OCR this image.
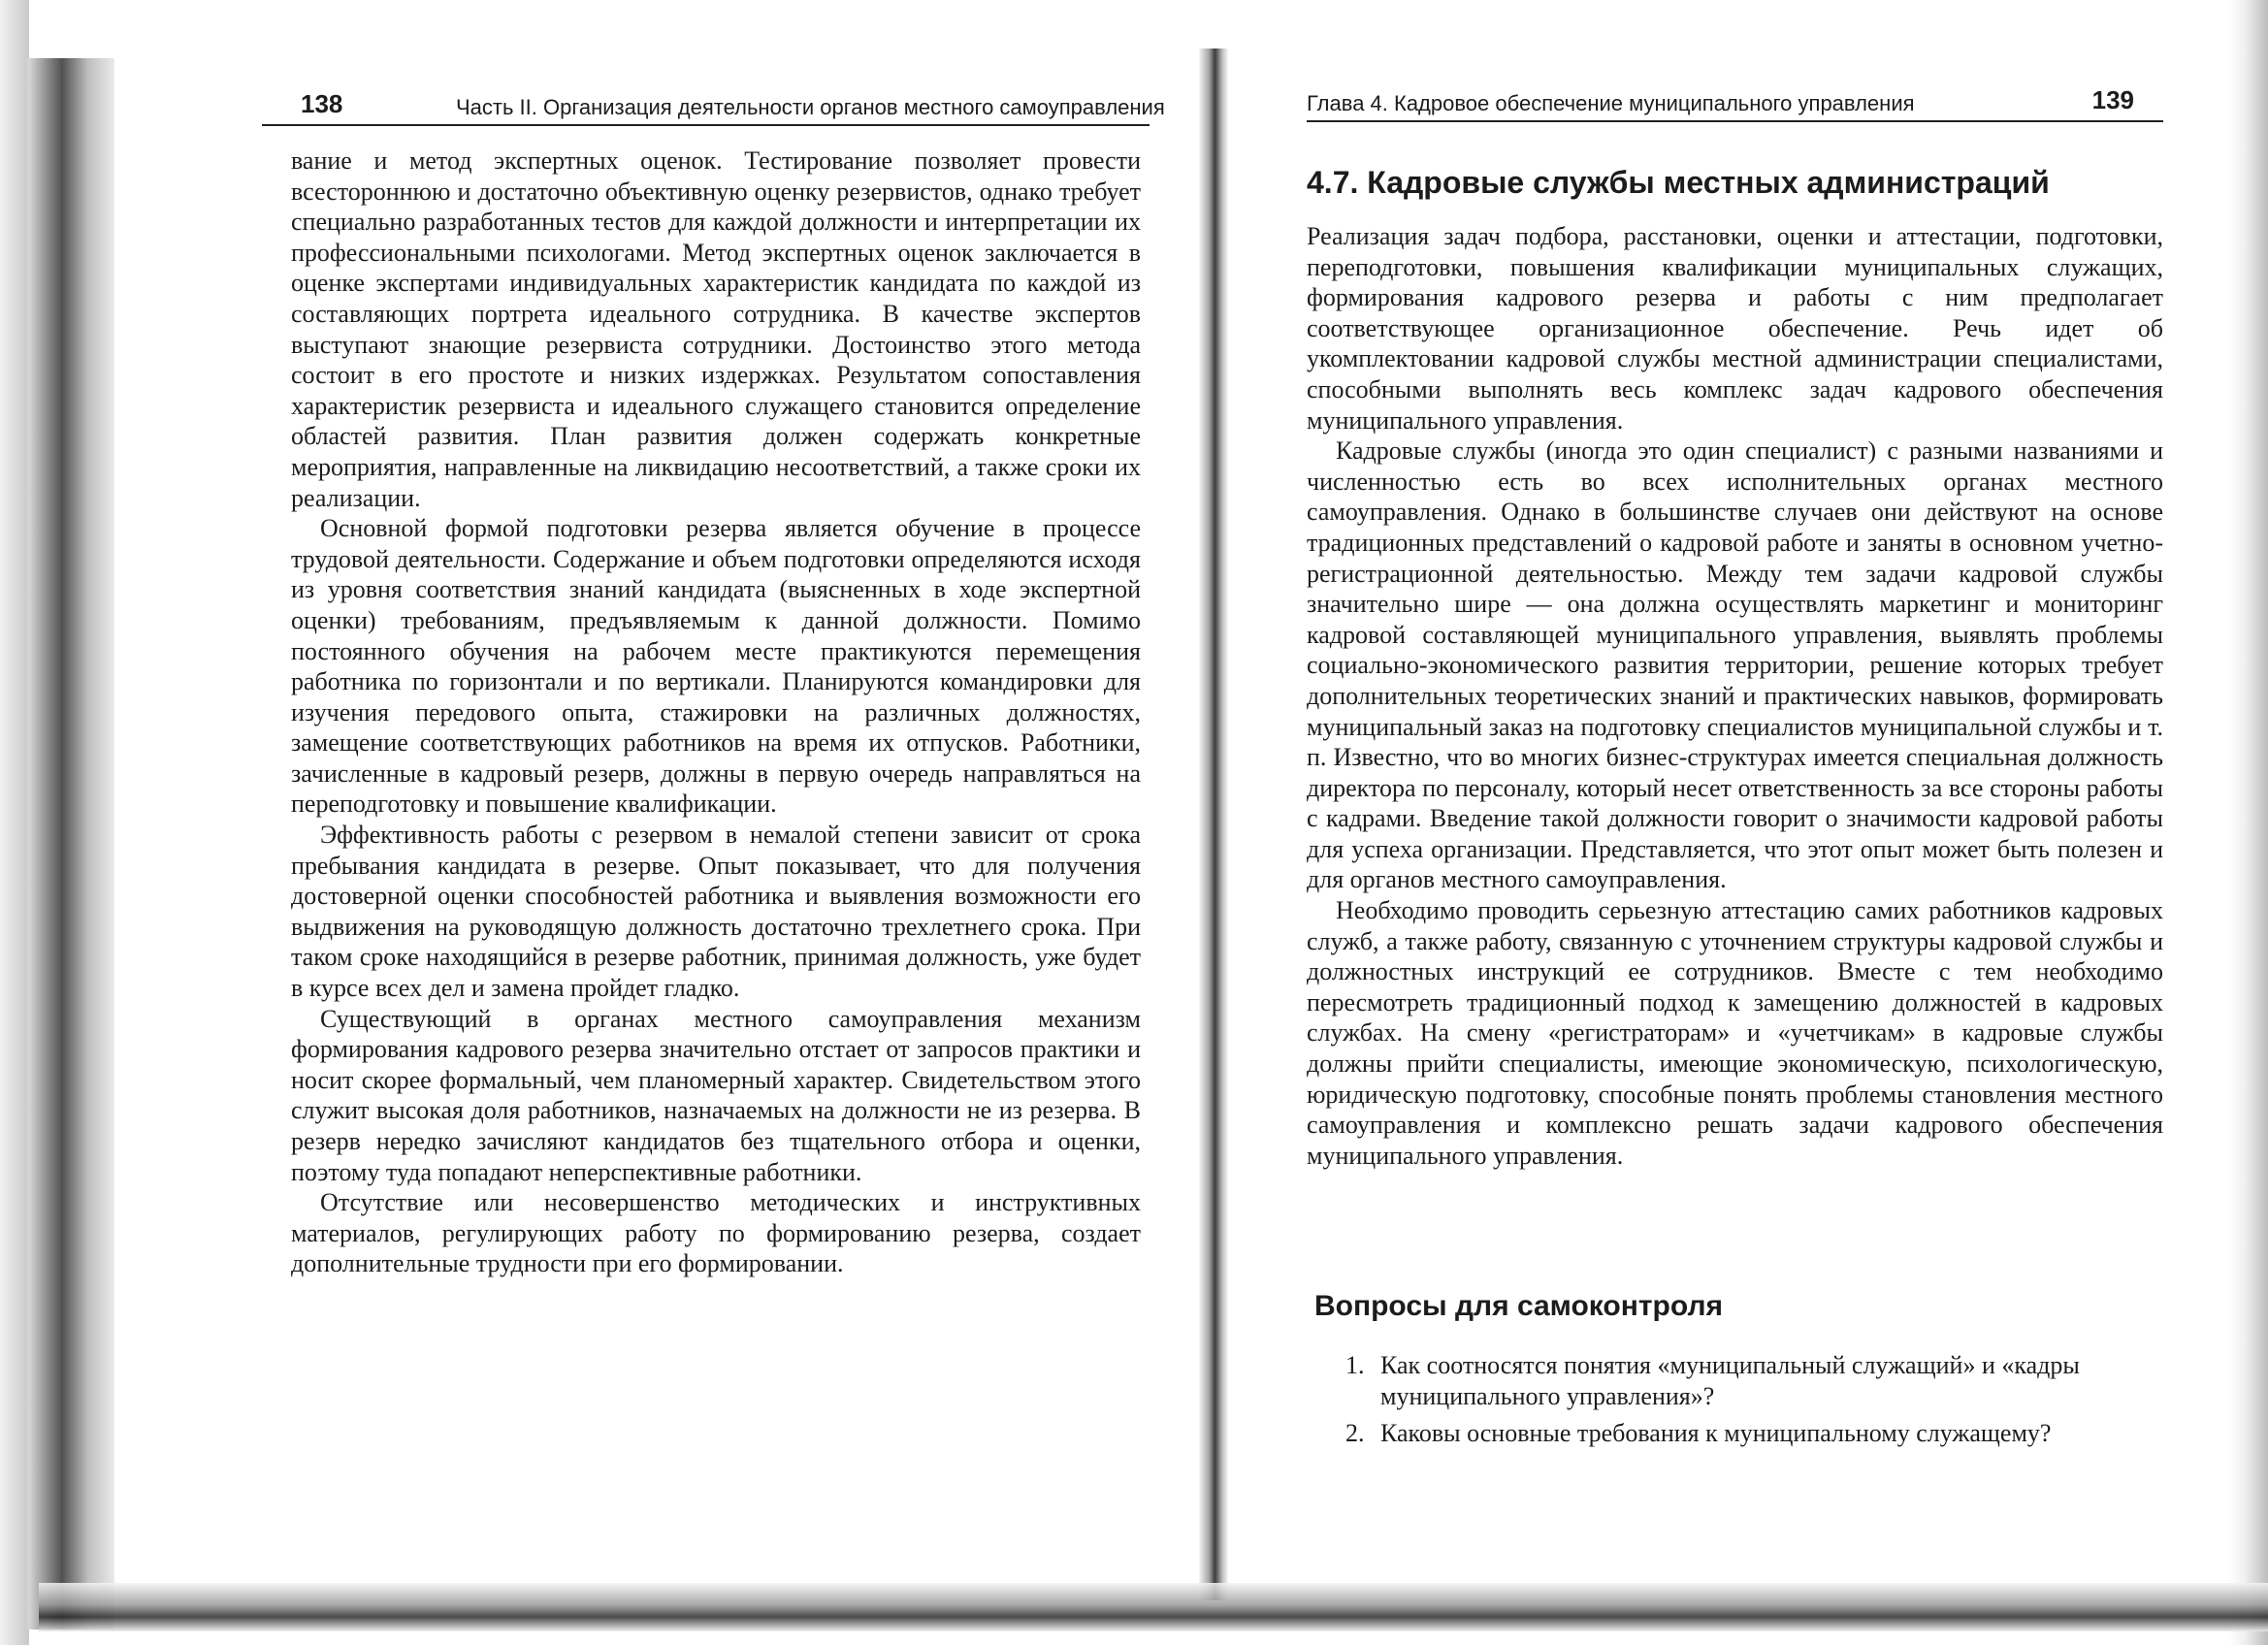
138	Часть II. Организация деятельности органов местного самоуправления

вание и метод экспертных оценок. Тестирование позволяет провести всестороннюю и достаточно объективную оценку резервистов, однако требует специально разработанных тестов для каждой должности и интерпретации их профессиональными психологами. Метод экспертных оценок заключается в оценке экспертами индивидуальных характеристик кандидата по каждой из составляющих портрета идеального сотрудника. В качестве экспертов выступают знающие резервиста сотрудники. Достоинство этого метода состоит в его простоте и низких издержках. Результатом сопоставления характеристик резервиста и идеального служащего становится определение областей развития. План развития должен содержать конкретные мероприятия, направленные на ликвидацию несоответствий, а также сроки их реализации.

Основной формой подготовки резерва является обучение в процессе трудовой деятельности. Содержание и объем подготовки определяются исходя из уровня соответствия знаний кандидата (выясненных в ходе экспертной оценки) требованиям, предъявляемым к данной должности. Помимо постоянного обучения на рабочем месте практикуются перемещения работника по горизонтали и по вертикали. Планируются командировки для изучения передового опыта, стажировки на различных должностях, замещение соответствующих работников на время их отпусков. Работники, зачисленные в кадровый резерв, должны в первую очередь направляться на переподготовку и повышение квалификации.

Эффективность работы с резервом в немалой степени зависит от срока пребывания кандидата в резерве. Опыт показывает, что для получения достоверной оценки способностей работника и выявления возможности его выдвижения на руководящую должность достаточно трехлетнего срока. При таком сроке находящийся в резерве работник, принимая должность, уже будет в курсе всех дел и замена пройдет гладко.

Существующий в органах местного самоуправления механизм формирования кадрового резерва значительно отстает от запросов практики и носит скорее формальный, чем планомерный характер. Свидетельством этого служит высокая доля работников, назначаемых на должности не из резерва. В резерв нередко зачисляют кандидатов без тщательного отбора и оценки, поэтому туда попадают неперспективные работники.

Отсутствие или несовершенство методических и инструктивных материалов, регулирующих работу по формированию резерва, создает дополнительные трудности при его формировании.

Глава 4. Кадровое обеспечение муниципального управления	139
4.7. Кадровые службы местных администраций

Реализация задач подбора, расстановки, оценки и аттестации, подготовки, переподготовки, повышения квалификации муниципальных служащих, формирования кадрового резерва и работы с ним предполагает соответствующее организационное обеспечение. Речь идет об укомплектовании кадровой службы местной администрации специалистами, способными выполнять весь комплекс задач кадрового обеспечения муниципального управления.

Кадровые службы (иногда это один специалист) с разными названиями и численностью есть во всех исполнительных органах местного самоуправления. Однако в большинстве случаев они действуют на основе традиционных представлений о кадровой работе и заняты в основном учетно-регистрационной деятельностью. Между тем задачи кадровой службы значительно шире — она должна осуществлять маркетинг и мониторинг кадровой составляющей муниципального управления, выявлять проблемы социально-экономического развития территории, решение которых требует дополнительных теоретических знаний и практических навыков, формировать муниципальный заказ на подготовку специалистов муниципальной службы и т. п. Известно, что во многих бизнес-структурах имеется специальная должность директора по персоналу, который несет ответственность за все стороны работы с кадрами. Введение такой должности говорит о значимости кадровой работы для успеха организации. Представляется, что этот опыт может быть полезен и для органов местного самоуправления.

Необходимо проводить серьезную аттестацию самих работников кадровых служб, а также работу, связанную с уточнением структуры кадровой службы и должностных инструкций ее сотрудников. Вместе с тем необходимо пересмотреть традиционный подход к замещению должностей в кадровых службах. На смену «регистраторам» и «учетчикам» в кадровые службы должны прийти специалисты, имеющие экономическую, психологическую, юридическую подготовку, способные понять проблемы становления местного самоуправления и комплексно решать задачи кадрового обеспечения муниципального управления.

Вопросы для самоконтроля
1. Как соотносятся понятия «муниципальный служащий» и «кадры муниципального управления»?
2. Каковы основные требования к муниципальному служащему?
